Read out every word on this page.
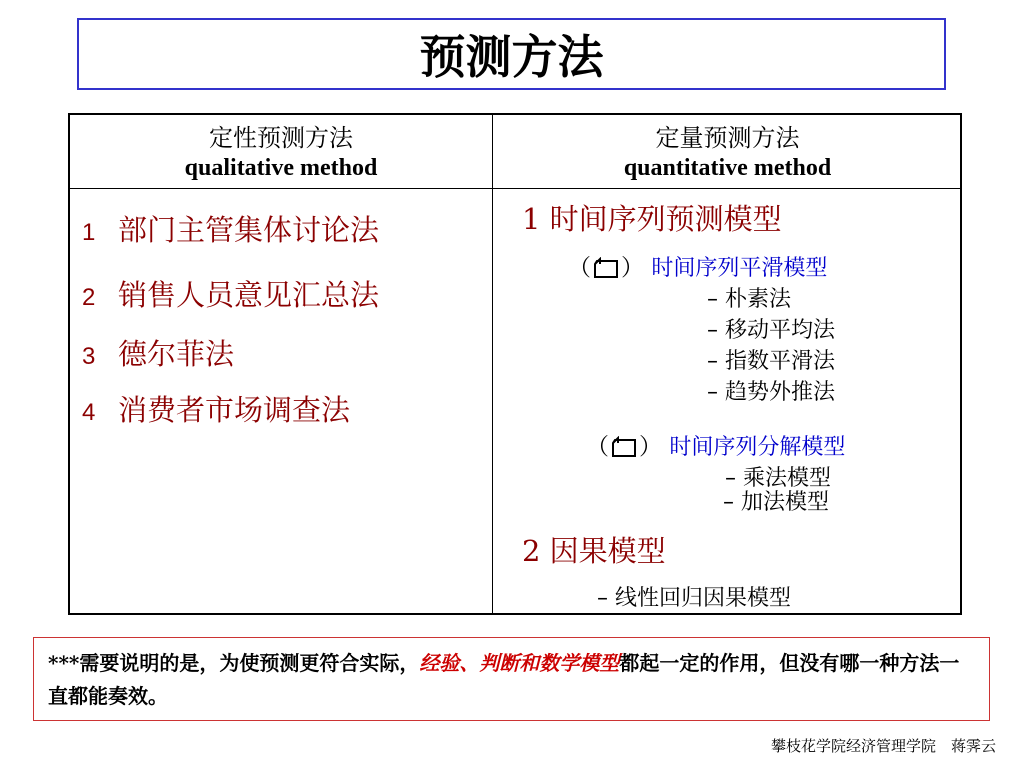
预测方法
定性预测方法
qualitative method
定量预测方法
quantitative method
1 部门主管集体讨论法
2 销售人员意见汇总法
3 德尔菲法
4 消费者市场调查法
1 时间序列预测模型
（ ） 时间序列平滑模型
– 朴素法
– 移动平均法
– 指数平滑法
– 趋势外推法
（ ） 时间序列分解模型
– 乘法模型
– 加法模型
2 因果模型
– 线性回归因果模型
***需要说明的是，为使预测更符合实际，经验、判断和数学模型都起一定的作用，但没有哪一种方法一直都能奏效。
攀枝花学院经济管理学院　蒋霁云
